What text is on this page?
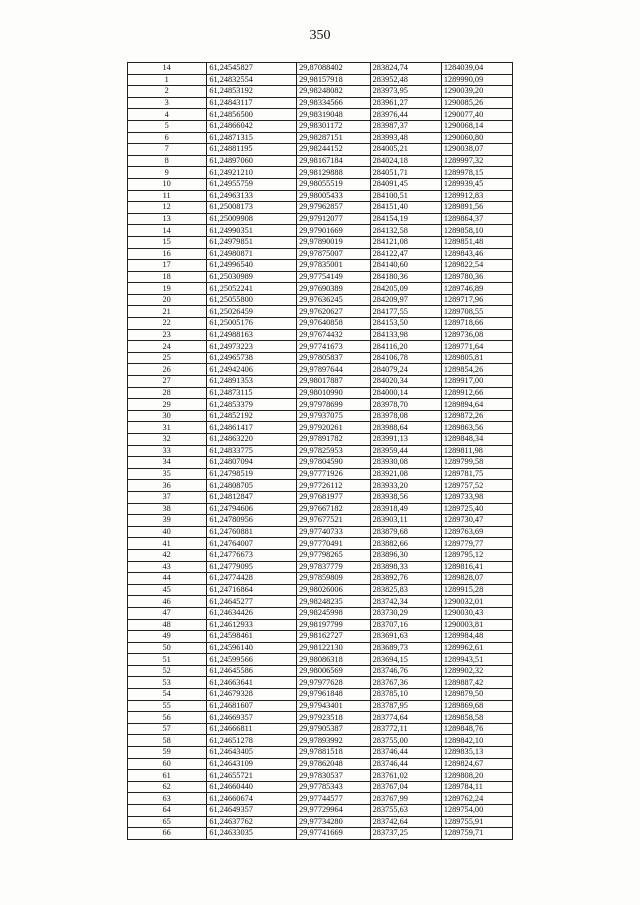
350
14	61,24545827	29,87088402	283824,74	1284039,04
1	61,24832554	29,98157918	283952,48	1289990,09
2	61,24853192	29,98248082	283973,95	1290039,20
3	61,24843117	29,98334566	283961,27	1290085,26
4	61,24856500	29,98319048	283976,44	1290077,40
5	61,24866042	29,98301172	283987,37	1290068,14
6	61,24871315	29,98287151	283993,48	1290060,80
7	61,24881195	29,98244152	284005,21	1290038,07
8	61,24897060	29,98167184	284024,18	1289997,32
9	61,24921210	29,98129888	284051,71	1289978,15
10	61,24955759	29,98055519	284091,45	1289939,45
11	61,24963133	29,98005433	284100,51	1289912,83
12	61,25008173	29,97962857	284151,40	1289891,56
13	61,25009908	29,97912077	284154,19	1289864,37
14	61,24990351	29,97901669	284132,58	1289858,10
15	61,24979851	29,97890019	284121,08	1289851,48
16	61,24980871	29,97875007	284122,47	1289843,46
17	61,24996540	29,97835001	284140,60	1289822,54
18	61,25030989	29,97754149	284180,36	1289780,36
19	61,25052241	29,97690389	284205,09	1289746,89
20	61,25055800	29,97636245	284209,97	1289717,96
21	61,25026459	29,97620627	284177,55	1289708,55
22	61,25005176	29,97640858	284153,50	1289718,66
23	61,24988163	29,97674432	284133,98	1289736,08
24	61,24973223	29,97741673	284116,20	1289771,64
25	61,24965738	29,97805837	284106,78	1289805,81
26	61,24942406	29,97897644	284079,24	1289854,26
27	61,24891353	29,98017887	284020,34	1289917,00
28	61,24873115	29,98010990	284000,14	1289912,66
29	61,24853379	29,97978699	283978,70	1289894,64
30	61,24852192	29,97937075	283978,08	1289872,26
31	61,24861417	29,97920261	283988,64	1289863,56
32	61,24863220	29,97891782	283991,13	1289848,34
33	61,24833775	29,97825953	283959,44	1289811,98
34	61,24807094	29,97804590	283930,08	1289799,58
35	61,24798519	29,97771926	283921,08	1289781,75
36	61,24808705	29,97726112	283933,20	1289757,52
37	61,24812847	29,97681977	283938,56	1289733,98
38	61,24794606	29,97667182	283918,49	1289725,40
39	61,24780956	29,97677521	283903,11	1289730,47
40	61,24760881	29,97740733	283879,68	1289763,69
41	61,24764007	29,97770491	283882,66	1289779,77
42	61,24776673	29,97798265	283896,30	1289795,12
43	61,24779095	29,97837779	283898,33	1289816,41
44	61,24774428	29,97859809	283892,76	1289828,07
45	61,24716864	29,98026006	283825,83	1289915,28
46	61,24645277	29,98248235	283742,34	1290032,01
47	61,24634426	29,98245998	283730,29	1290030,43
48	61,24612933	29,98197799	283707,16	1290003,81
49	61,24598461	29,98162727	283691,63	1289984,48
50	61,24596140	29,98122130	283689,73	1289962,61
51	61,24599566	29,98086318	283694,15	1289943,51
52	61,24645586	29,98006569	283746,76	1289902,32
53	61,24663641	29,97977628	283767,36	1289887,42
54	61,24679328	29,97961848	283785,10	1289879,50
55	61,24681607	29,97943401	283787,95	1289869,68
56	61,24669357	29,97923518	283774,64	1289858,58
57	61,24666811	29,97905387	283772,11	1289848,76
58	61,24651278	29,97893992	283755,00	1289842,10
59	61,24643405	29,97881518	283746,44	1289835,13
60	61,24643109	29,97862048	283746,44	1289824,67
61	61,24655721	29,97830537	283761,02	1289808,20
62	61,24660440	29,97785343	283767,04	1289784,11
63	61,24660674	29,97744577	283767,99	1289762,24
64	61,24649357	29,97729964	283755,63	1289754,00
65	61,24637762	29,97734280	283742,64	1289755,91
66	61,24633035	29,97741669	283737,25	1289759,71
